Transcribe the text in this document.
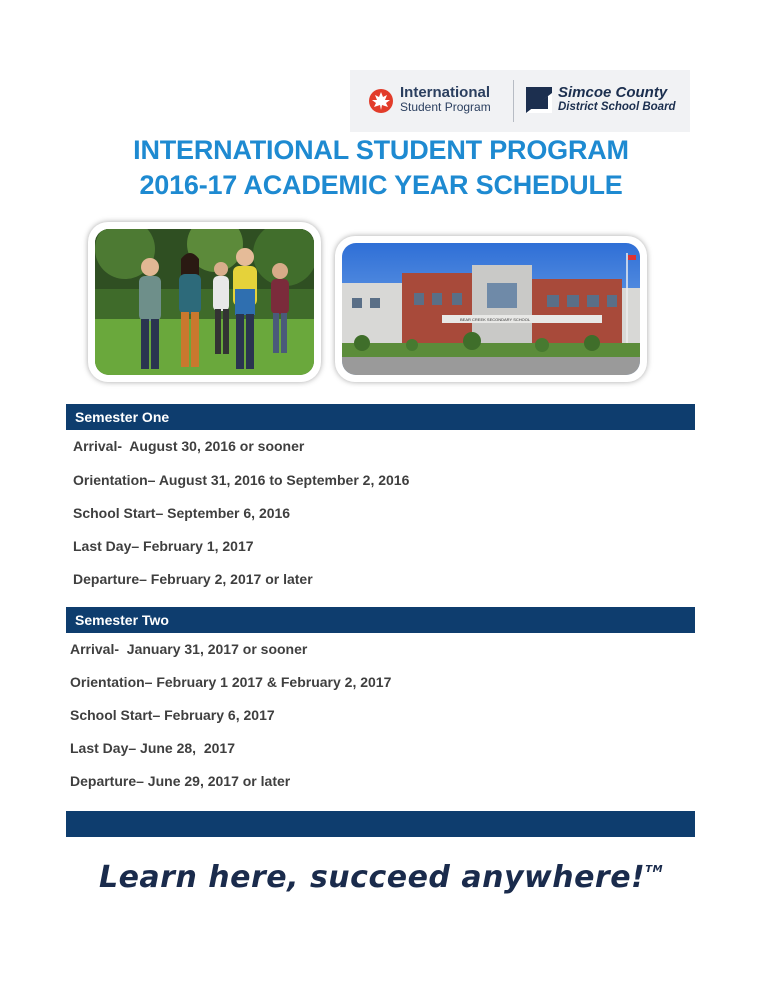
International
Student Program
Simcoe County
District School Board
INTERNATIONAL STUDENT PROGRAM
2016-17 ACADEMIC YEAR SCHEDULE
BEAR CREEK SECONDARY SCHOOL
Semester One
Arrival-  August 30, 2016 or sooner
Orientation– August 31, 2016 to September 2, 2016
School Start– September 6, 2016
Last Day– February 1, 2017
Departure– February 2, 2017 or later
Semester Two
Arrival-  January 31, 2017 or sooner
Orientation– February 1 2017 & February 2, 2017
School Start– February 6, 2017
Last Day– June 28,  2017
Departure– June 29, 2017 or later
Learn here, succeed anywhere!™
